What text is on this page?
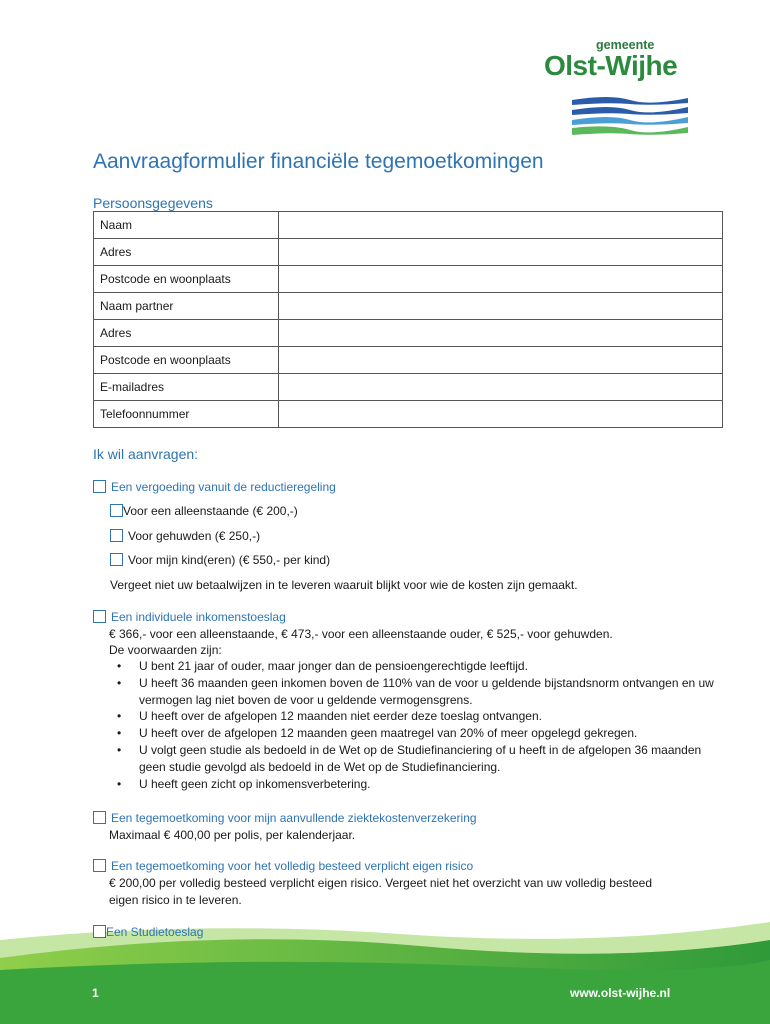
gemeente
Olst-Wijhe
Aanvraagformulier financiële tegemoetkomingen
Persoonsgegevens
Naam	
Adres	
Postcode en woonplaats	
Naam partner	
Adres	
Postcode en woonplaats	
E-mailadres	
Telefoonnummer	
Ik wil aanvragen:
Een vergoeding vanuit de reductieregeling
Voor een alleenstaande (€ 200,-)
Voor gehuwden (€ 250,-)
Voor mijn kind(eren) (€ 550,- per kind)
Vergeet niet uw betaalwijzen in te leveren waaruit blijkt voor wie de kosten zijn gemaakt.
Een individuele inkomenstoeslag
€ 366,- voor een alleenstaande, € 473,- voor een alleenstaande ouder, € 525,- voor gehuwden.
De voorwaarden zijn:
• U bent 21 jaar of ouder, maar jonger dan de pensioengerechtigde leeftijd.
• U heeft 36 maanden geen inkomen boven de 110% van de voor u geldende bijstandsnorm ontvangen en uw vermogen lag niet boven de voor u geldende vermogensgrens.
• U heeft over de afgelopen 12 maanden niet eerder deze toeslag ontvangen.
• U heeft over de afgelopen 12 maanden geen maatregel van 20% of meer opgelegd gekregen.
• U volgt geen studie als bedoeld in de Wet op de Studiefinanciering of u heeft in de afgelopen 36 maanden geen studie gevolgd als bedoeld in de Wet op de Studiefinanciering.
• U heeft geen zicht op inkomensverbetering.
Een tegemoetkoming voor mijn aanvullende ziektekostenverzekering
Maximaal € 400,00 per polis, per kalenderjaar.
Een tegemoetkoming voor het volledig besteed verplicht eigen risico
€ 200,00 per volledig besteed verplicht eigen risico. Vergeet niet het overzicht van uw volledig besteed
eigen risico in te leveren.
Een Studietoeslag
1	www.olst-wijhe.nl
